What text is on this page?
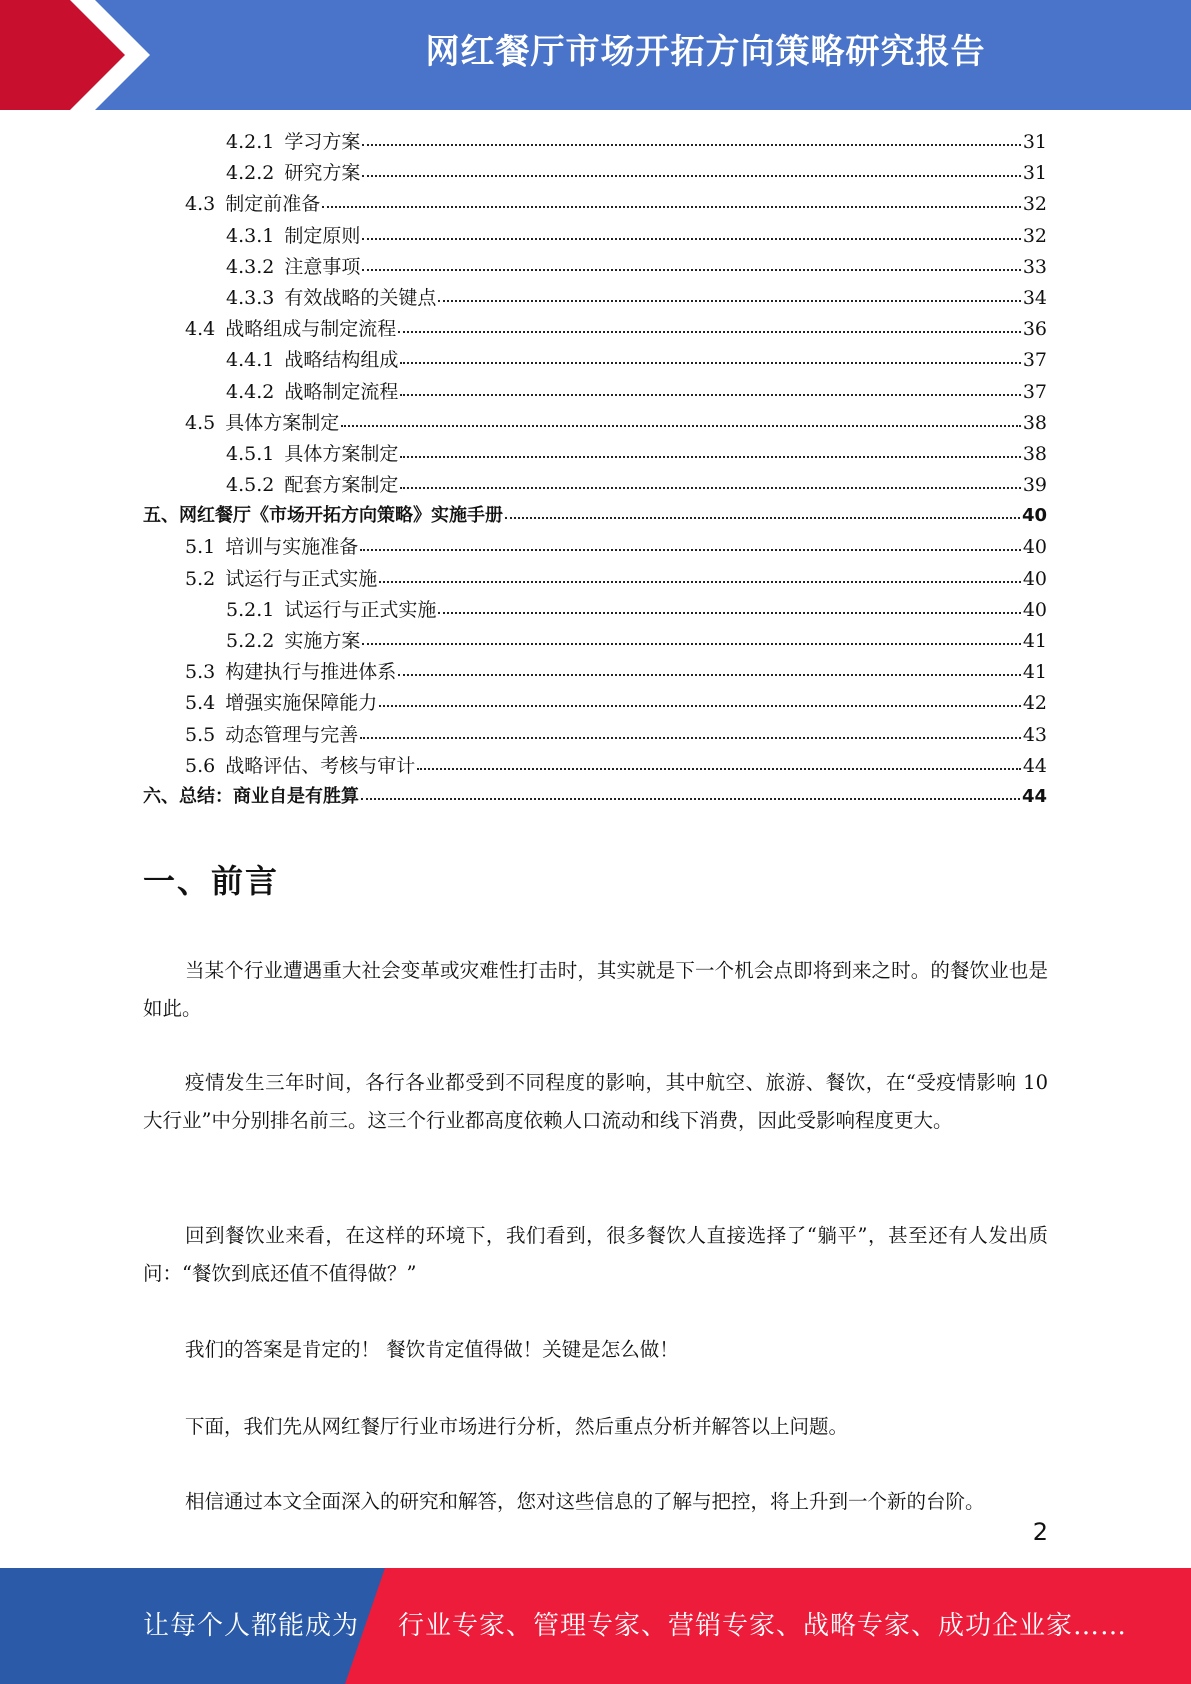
网红餐厅市场开拓方向策略研究报告
4.2.1 学习方案	31
4.2.2 研究方案	31
4.3 制定前准备	32
4.3.1 制定原则	32
4.3.2 注意事项	33
4.3.3 有效战略的关键点	34
4.4 战略组成与制定流程	36
4.4.1 战略结构组成	37
4.4.2 战略制定流程	37
4.5 具体方案制定	38
4.5.1 具体方案制定	38
4.5.2 配套方案制定	39
五、网红餐厅《市场开拓方向策略》实施手册	40
5.1 培训与实施准备	40
5.2 试运行与正式实施	40
5.2.1 试运行与正式实施	40
5.2.2 实施方案	41
5.3 构建执行与推进体系	41
5.4 增强实施保障能力	42
5.5 动态管理与完善	43
5.6 战略评估、考核与审计	44
六、总结：商业自是有胜算	44
一、前言

当某个行业遭遇重大社会变革或灾难性打击时，其实就是下一个机会点即将到来之时。的餐饮业也是如此。

疫情发生三年时间，各行各业都受到不同程度的影响，其中航空、旅游、餐饮，在“受疫情影响 10 大行业”中分别排名前三。这三个行业都高度依赖人口流动和线下消费，因此受影响程度更大。

回到餐饮业来看，在这样的环境下，我们看到，很多餐饮人直接选择了“躺平”，甚至还有人发出质问：“餐饮到底还值不值得做？”

我们的答案是肯定的！ 餐饮肯定值得做！关键是怎么做！

下面，我们先从网红餐厅行业市场进行分析，然后重点分析并解答以上问题。

相信通过本文全面深入的研究和解答，您对这些信息的了解与把控，将上升到一个新的台阶。

2
让每个人都能成为 行业专家、管理专家、营销专家、战略专家、成功企业家……
